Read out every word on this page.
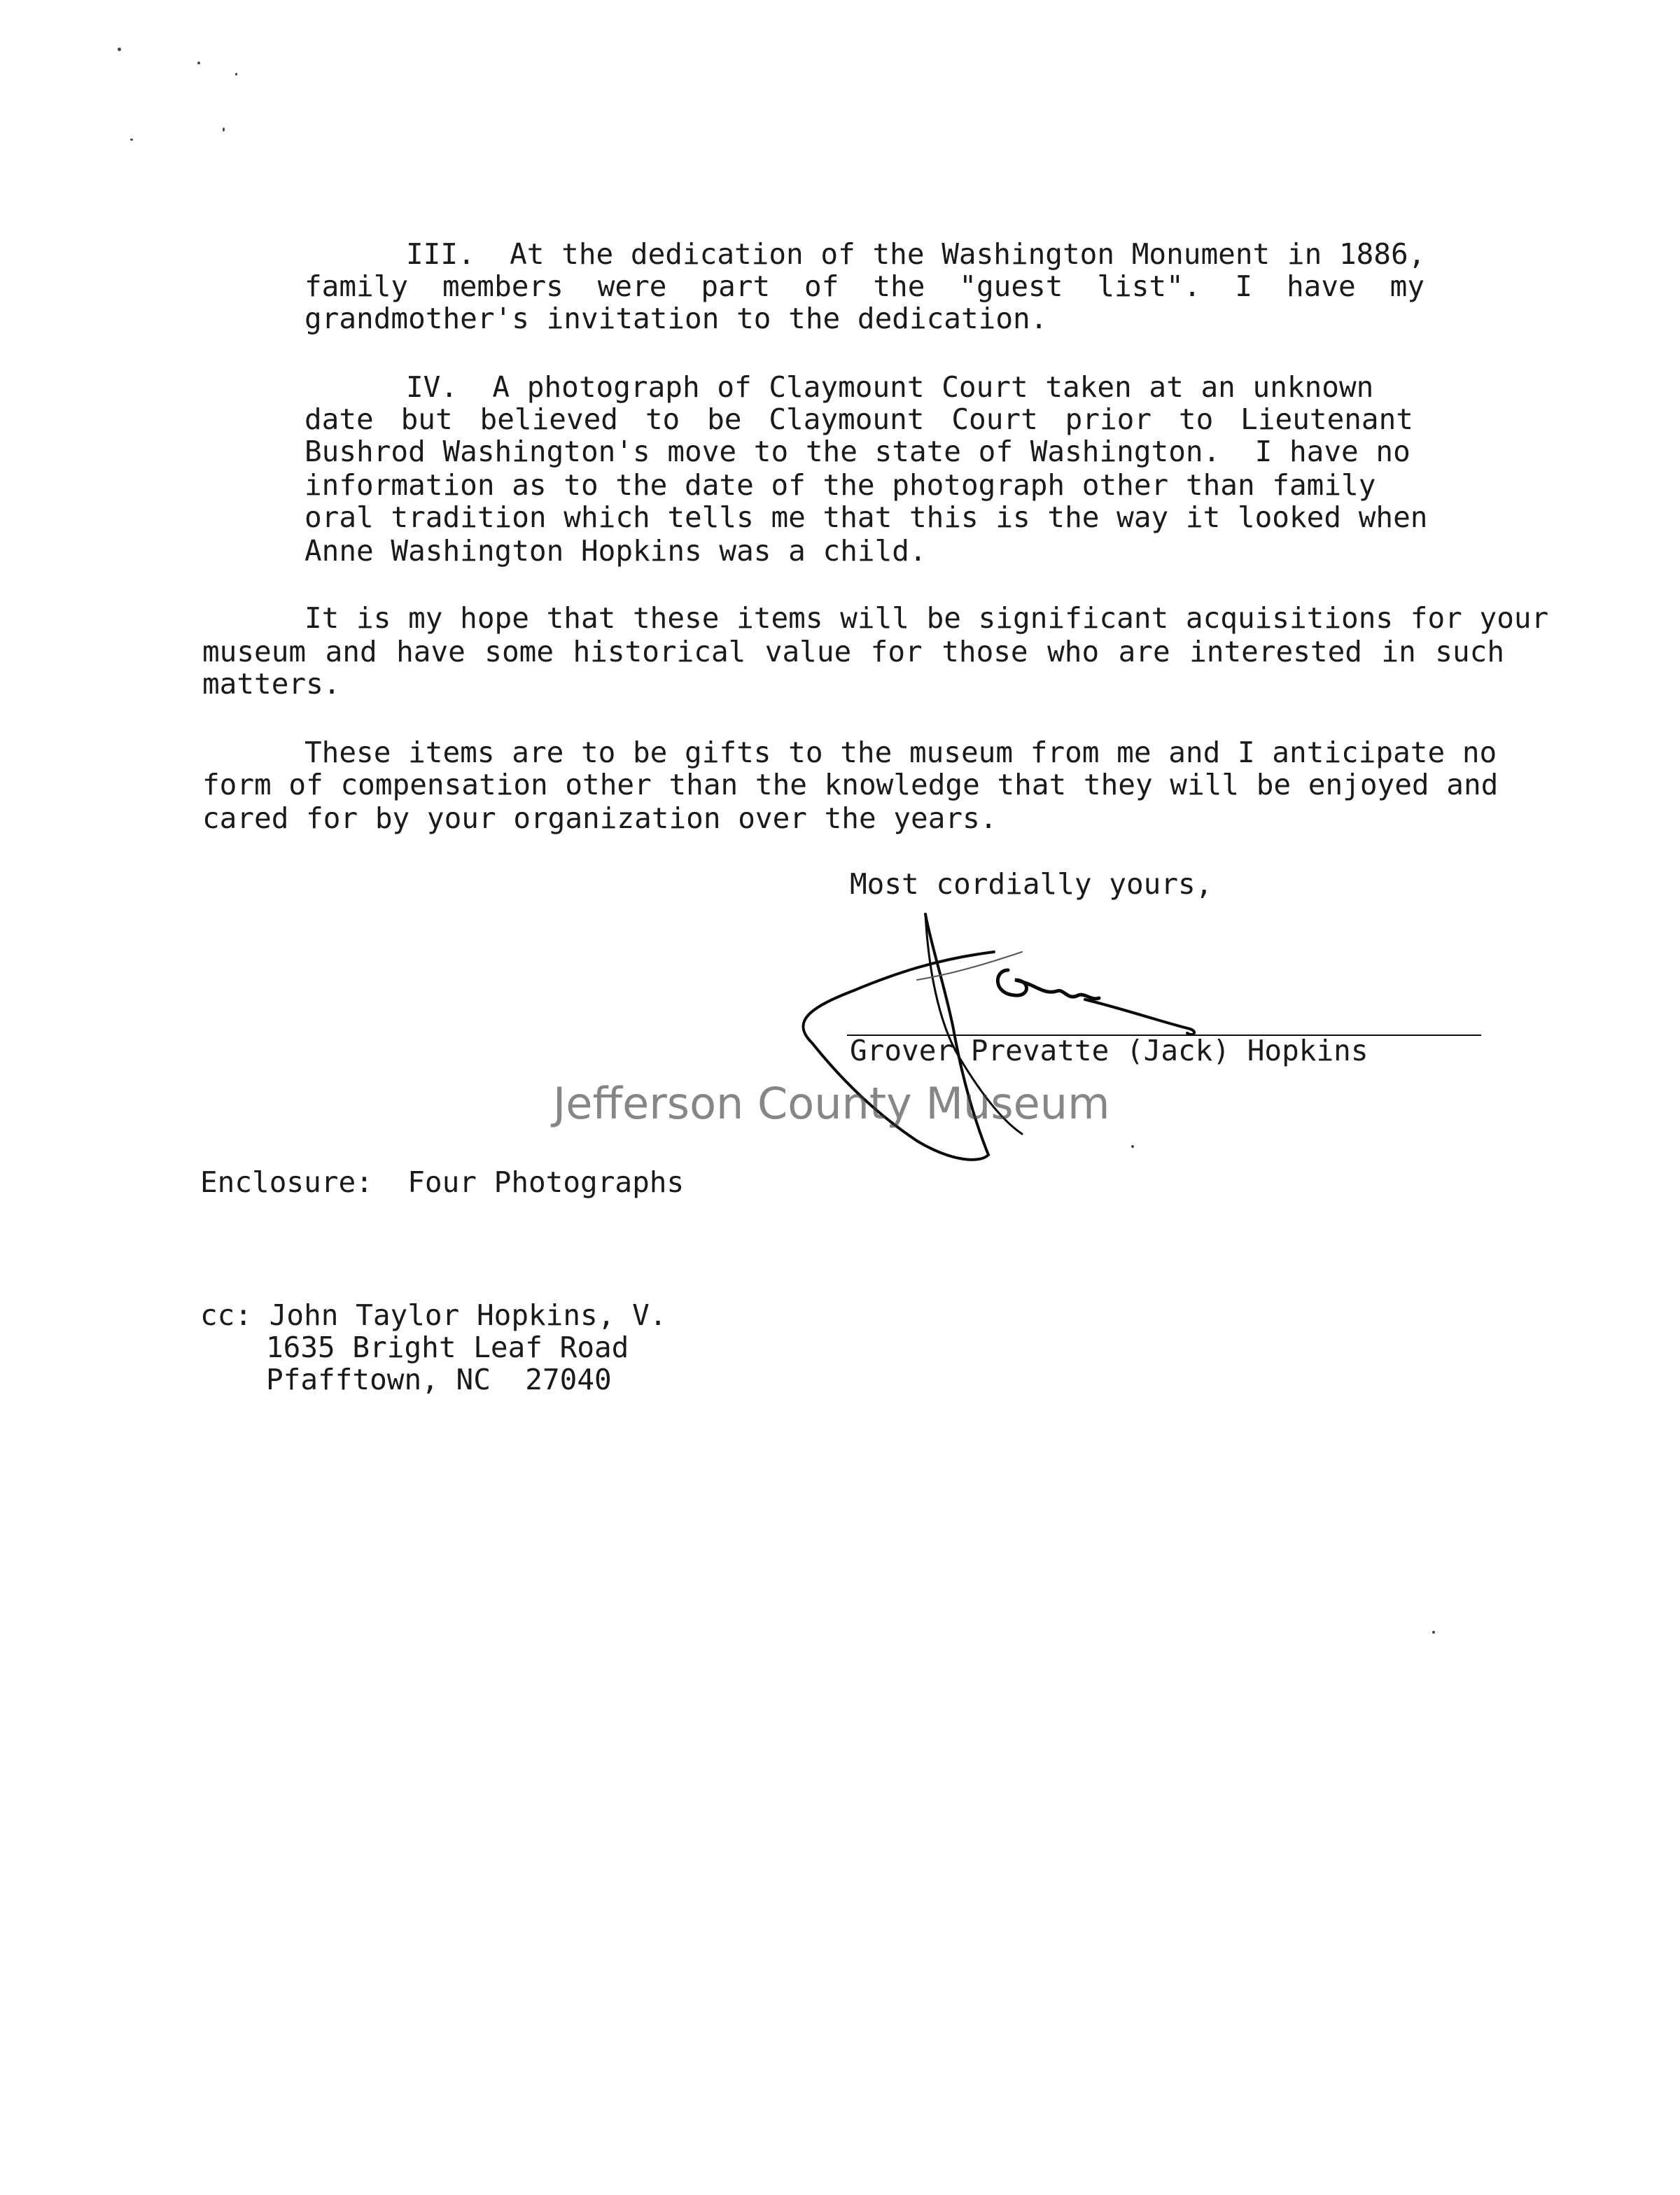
III.  At the dedication of the Washington Monument in 1886,
family members were part of the "guest list". I have my
grandmother's invitation to the dedication.
IV.  A photograph of Claymount Court taken at an unknown
date but believed to be Claymount Court prior to Lieutenant
Bushrod Washington's move to the state of Washington.  I have no
information as to the date of the photograph other than family
oral tradition which tells me that this is the way it looked when
Anne Washington Hopkins was a child.
It is my hope that these items will be significant acquisitions for your
museum and have some historical value for those who are interested in such
matters.
These items are to be gifts to the museum from me and I anticipate no
form of compensation other than the knowledge that they will be enjoyed and
cared for by your organization over the years.
Most cordially yours,
Grover Prevatte (Jack) Hopkins
Jefferson County Museum
Enclosure:  Four Photographs
cc: John Taylor Hopkins, V.
1635 Bright Leaf Road
Pfafftown, NC  27040
